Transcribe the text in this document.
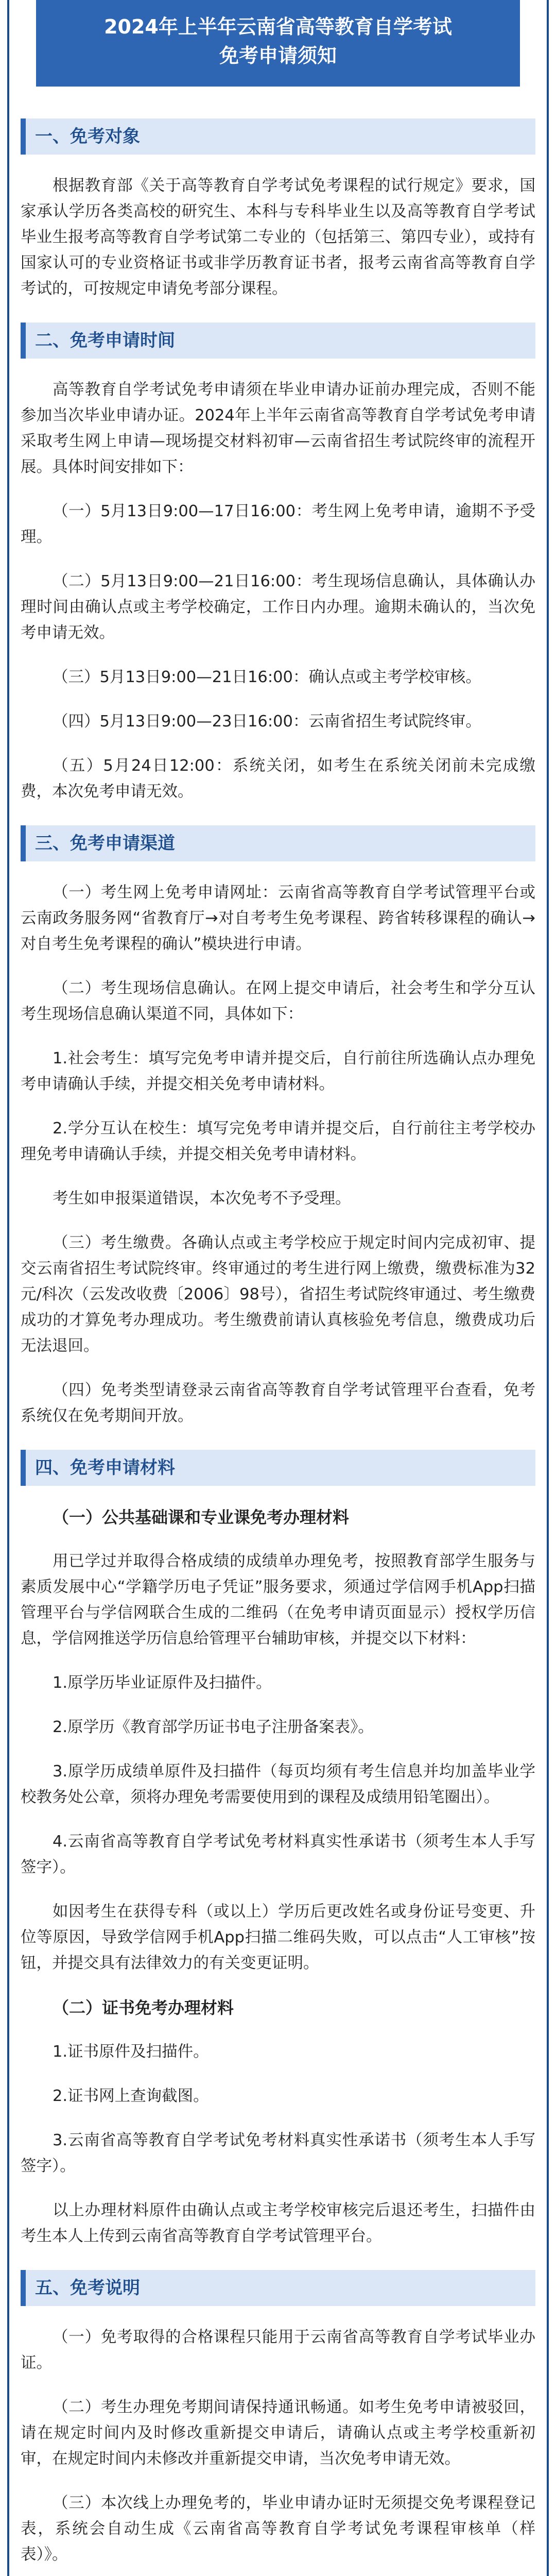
2024年上半年云南省高等教育自学考试
免考申请须知
一、免考对象

根据教育部《关于高等教育自学考试免考课程的试行规定》要求，国家承认学历各类高校的研究生、本科与专科毕业生以及高等教育自学考试毕业生报考高等教育自学考试第二专业的（包括第三、第四专业），或持有国家认可的专业资格证书或非学历教育证书者，报考云南省高等教育自学考试的，可按规定申请免考部分课程。

二、免考申请时间

高等教育自学考试免考申请须在毕业申请办证前办理完成，否则不能参加当次毕业申请办证。2024年上半年云南省高等教育自学考试免考申请采取考生网上申请—现场提交材料初审—云南省招生考试院终审的流程开展。具体时间安排如下：

（一）5月13日9:00—17日16:00：考生网上免考申请，逾期不予受理。

（二）5月13日9:00—21日16:00：考生现场信息确认，具体确认办理时间由确认点或主考学校确定，工作日内办理。逾期未确认的，当次免考申请无效。

（三）5月13日9:00—21日16:00：确认点或主考学校审核。

（四）5月13日9:00—23日16:00：云南省招生考试院终审。

（五）5月24日12:00：系统关闭，如考生在系统关闭前未完成缴费，本次免考申请无效。

三、免考申请渠道

（一）考生网上免考申请网址：云南省高等教育自学考试管理平台或云南政务服务网“省教育厅→对自考考生免考课程、跨省转移课程的确认→对自考生免考课程的确认”模块进行申请。

（二）考生现场信息确认。在网上提交申请后，社会考生和学分互认考生现场信息确认渠道不同，具体如下：

1.社会考生：填写完免考申请并提交后，自行前往所选确认点办理免考申请确认手续，并提交相关免考申请材料。

2.学分互认在校生：填写完免考申请并提交后，自行前往主考学校办理免考申请确认手续，并提交相关免考申请材料。

考生如申报渠道错误，本次免考不予受理。

（三）考生缴费。各确认点或主考学校应于规定时间内完成初审、提交云南省招生考试院终审。终审通过的考生进行网上缴费，缴费标准为32元/科次（云发改收费〔2006〕98号），省招生考试院终审通过、考生缴费成功的才算免考办理成功。考生缴费前请认真核验免考信息，缴费成功后无法退回。

（四）免考类型请登录云南省高等教育自学考试管理平台查看，免考系统仅在免考期间开放。

四、免考申请材料
（一）公共基础课和专业课免考办理材料

用已学过并取得合格成绩的成绩单办理免考，按照教育部学生服务与素质发展中心“学籍学历电子凭证”服务要求，须通过学信网手机App扫描管理平台与学信网联合生成的二维码（在免考申请页面显示）授权学历信息，学信网推送学历信息给管理平台辅助审核，并提交以下材料：

1.原学历毕业证原件及扫描件。

2.原学历《教育部学历证书电子注册备案表》。

3.原学历成绩单原件及扫描件（每页均须有考生信息并均加盖毕业学校教务处公章，须将办理免考需要使用到的课程及成绩用铅笔圈出）。

4.云南省高等教育自学考试免考材料真实性承诺书（须考生本人手写签字）。

如因考生在获得专科（或以上）学历后更改姓名或身份证号变更、升位等原因，导致学信网手机App扫描二维码失败，可以点击“人工审核”按钮，并提交具有法律效力的有关变更证明。

（二）证书免考办理材料

1.证书原件及扫描件。

2.证书网上查询截图。

3.云南省高等教育自学考试免考材料真实性承诺书（须考生本人手写签字）。

以上办理材料原件由确认点或主考学校审核完后退还考生，扫描件由考生本人上传到云南省高等教育自学考试管理平台。

五、免考说明

（一）免考取得的合格课程只能用于云南省高等教育自学考试毕业办证。

（二）考生办理免考期间请保持通讯畅通。如考生免考申请被驳回，请在规定时间内及时修改重新提交申请后，请确认点或主考学校重新初审，在规定时间内未修改并重新提交申请，当次免考申请无效。

（三）本次线上办理免考的，毕业申请办证时无须提交免考课程登记表，系统会自动生成《云南省高等教育自学考试免考课程审核单（样表）》。
